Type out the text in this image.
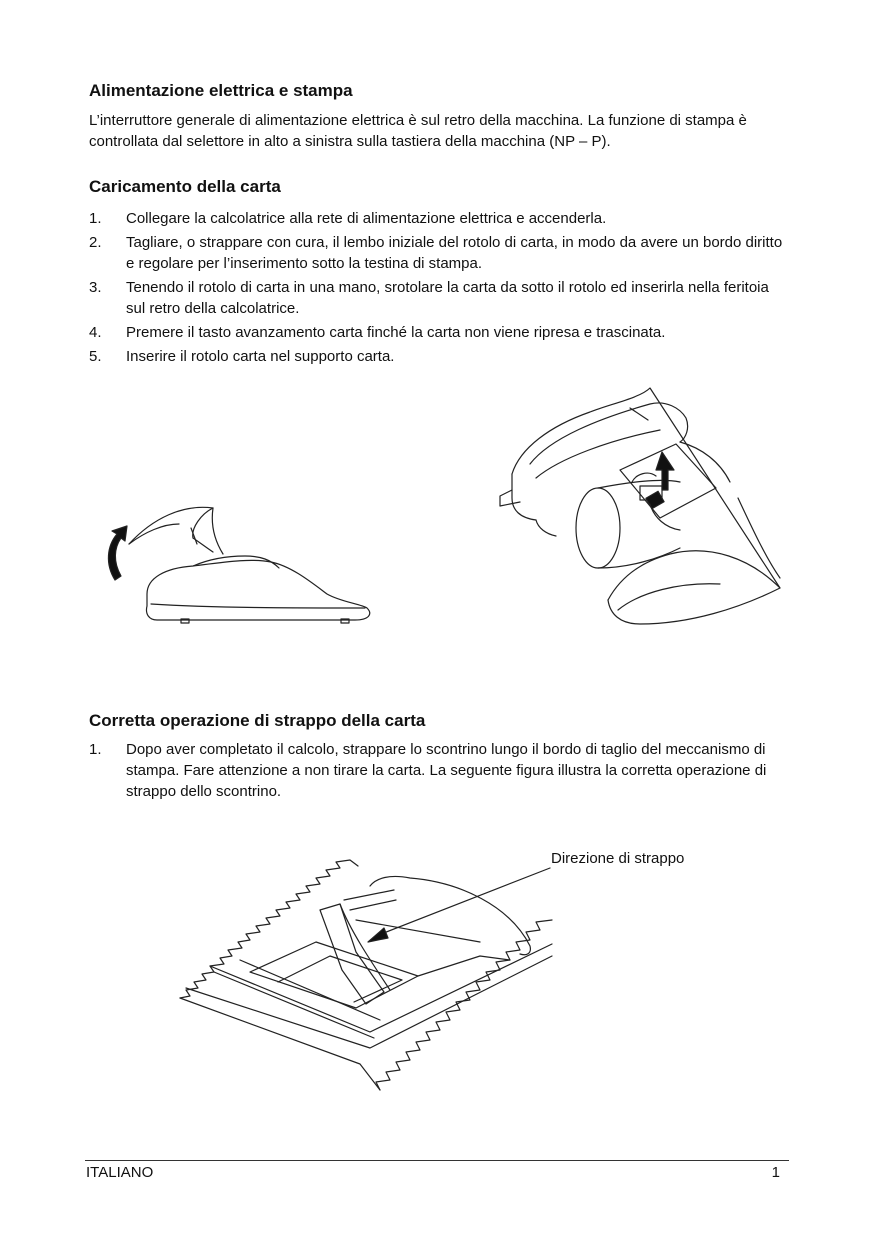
Alimentazione elettrica e stampa

L’interruttore generale di alimentazione elettrica è sul retro della macchina. La funzione di stampa è controllata dal selettore in alto a sinistra sulla tastiera della macchina (NP – P).

Caricamento della carta
1. Collegare la calcolatrice alla rete di alimentazione elettrica e accenderla.
2. Tagliare, o strappare con cura, il lembo iniziale del rotolo di carta, in modo da avere un bordo diritto e regolare per l’inserimento sotto la testina di stampa.
3. Tenendo il rotolo di carta in una mano, srotolare la carta da sotto il rotolo ed inserirla nella feritoia sul retro della calcolatrice.
4. Premere il tasto avanzamento carta finché la carta non viene ripresa e trascinata.
5. Inserire il rotolo carta nel supporto carta.
Corretta operazione di strappo della carta
1. Dopo aver completato il calcolo, strappare lo scontrino lungo il bordo di taglio del meccanismo di stampa. Fare attenzione a non tirare la carta. La seguente figura illustra la corretta operazione di strappo dello scontrino.
Direzione di strappo
ITALIANO	1
